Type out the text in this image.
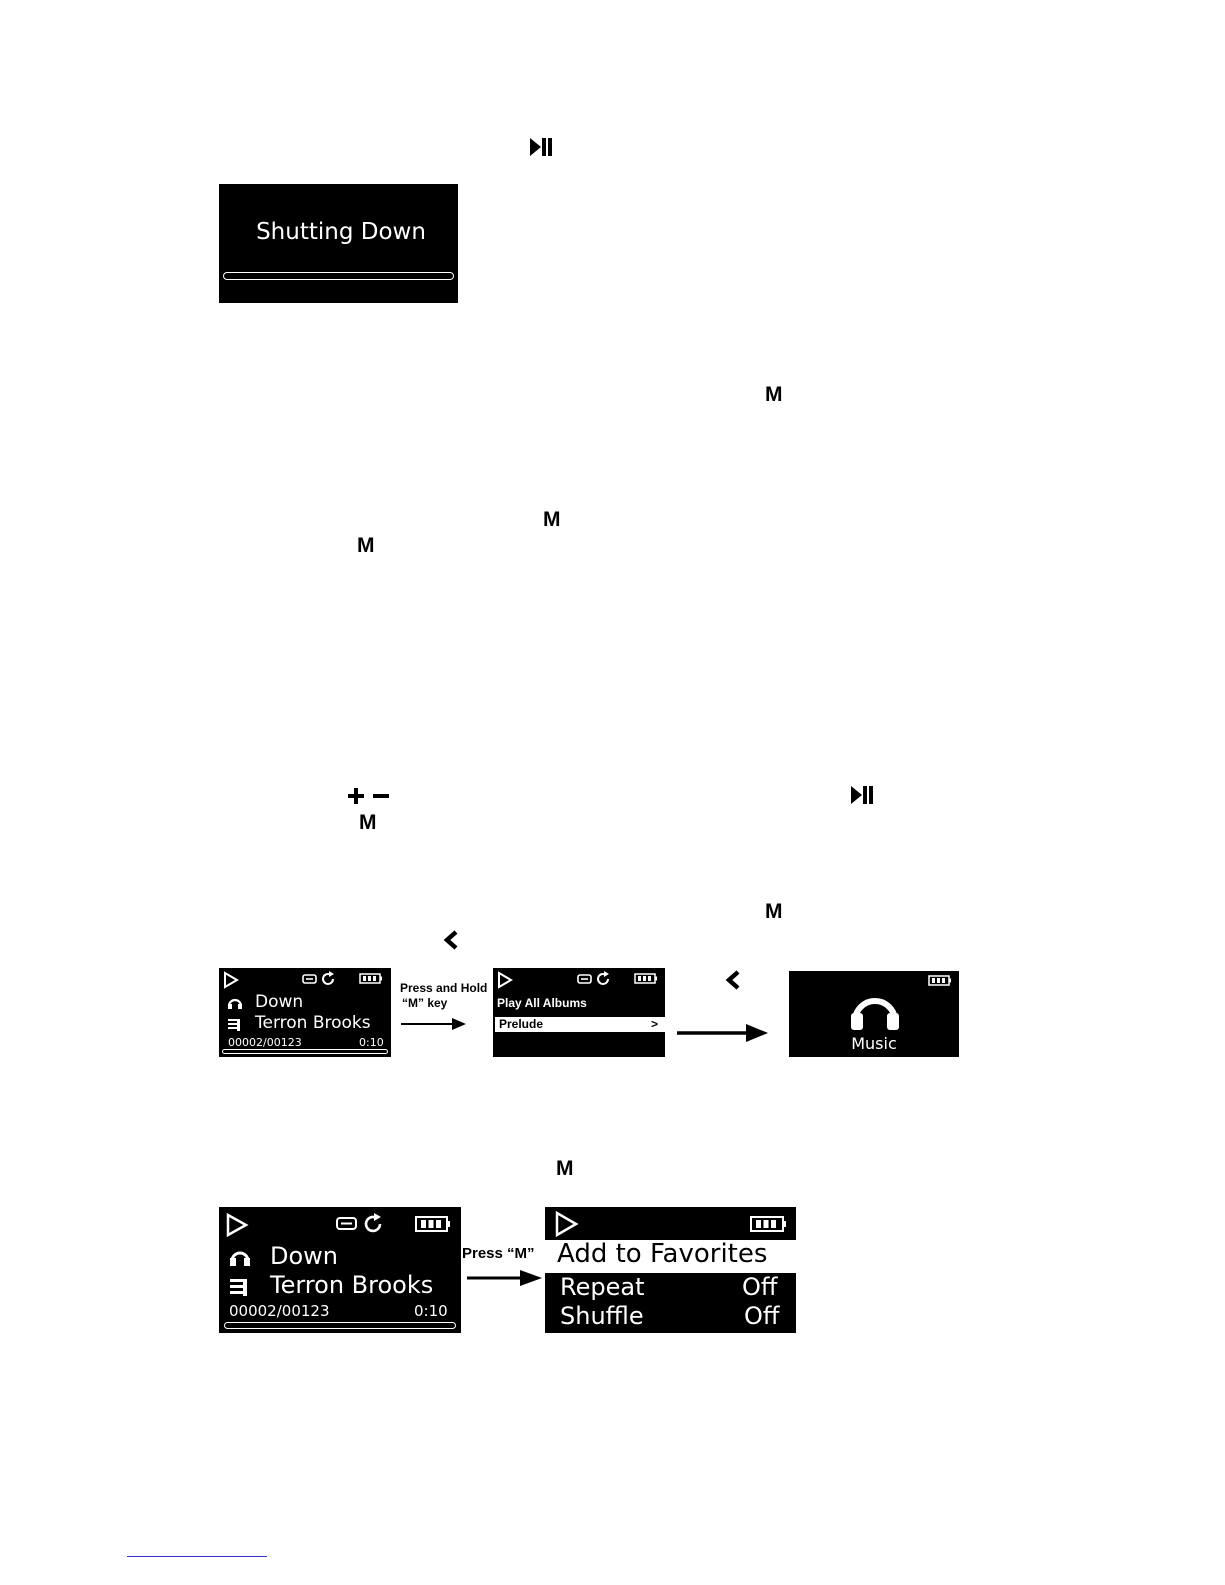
M
M
M
M
M
M
Shutting Down
Down
Terron Brooks
00002/00123	0:10
Press and Hold
“M” key	Play All Albums
Prelude	>
Music
Down
Terron Brooks
00002/00123	0:10
Press “M” Add to Favorites
Repeat	Off
Shuffle	Off
